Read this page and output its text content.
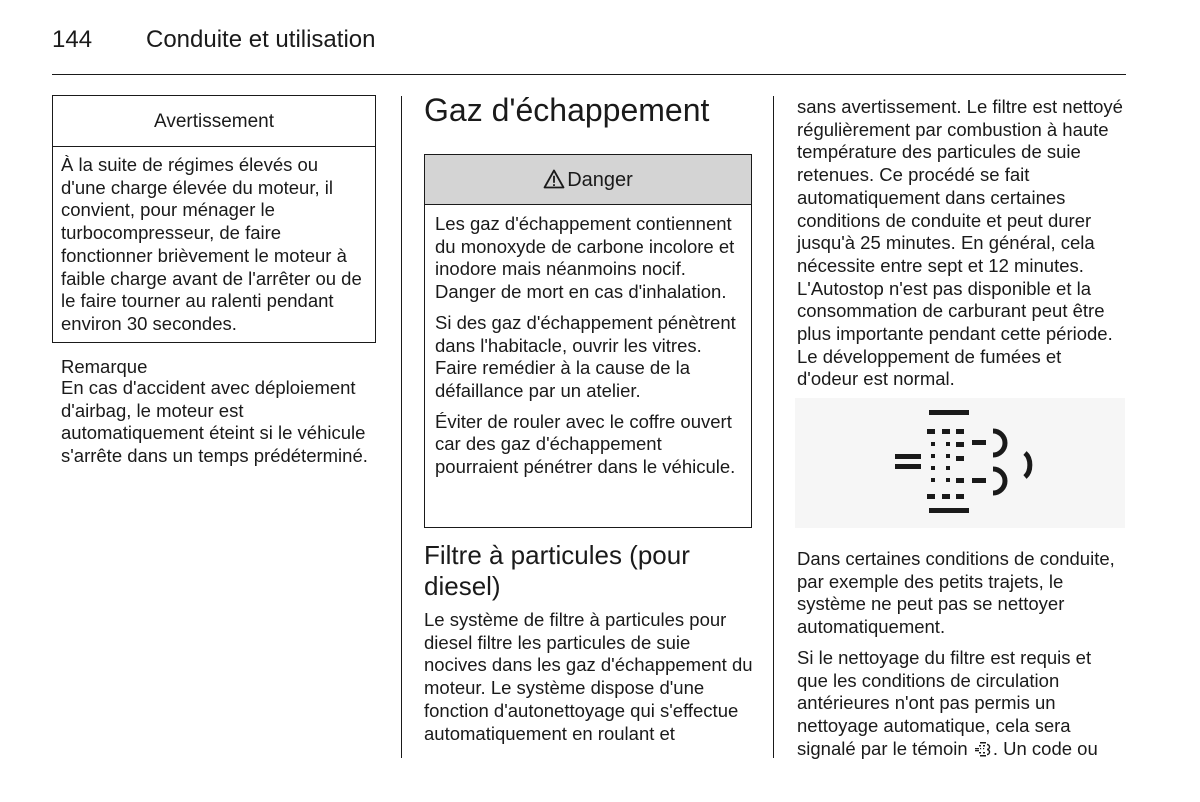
144 Conduite et utilisation
Avertissement
À la suite de régimes élevés ou d'une charge élevée du moteur, il convient, pour ménager le turbocompresseur, de faire fonctionner brièvement le moteur à faible charge avant de l'arrêter ou de le faire tourner au ralenti pendant environ 30 secondes.
Remarque
En cas d'accident avec déploiement d'airbag, le moteur est automatiquement éteint si le véhicule s'arrête dans un temps prédéterminé.
Gaz d'échappement
Danger

Les gaz d'échappement contiennent du monoxyde de carbone incolore et inodore mais néanmoins nocif. Danger de mort en cas d'inhalation.

Si des gaz d'échappement pénètrent dans l'habitacle, ouvrir les vitres. Faire remédier à la cause de la défaillance par un atelier.

Éviter de rouler avec le coffre ouvert car des gaz d'échappement pourraient pénétrer dans le véhicule.

Filtre à particules (pour diesel)
Le système de filtre à particules pour diesel filtre les particules de suie nocives dans les gaz d'échappement du moteur. Le système dispose d'une fonction d'autonettoyage qui s'effectue automatiquement en roulant et
sans avertissement. Le filtre est nettoyé régulièrement par combustion à haute température des particules de suie retenues. Ce procédé se fait automatiquement dans certaines conditions de conduite et peut durer jusqu'à 25 minutes. En général, cela nécessite entre sept et 12 minutes. L'Autostop n'est pas disponible et la consommation de carburant peut être plus importante pendant cette période. Le développement de fumées et d'odeur est normal.

Dans certaines conditions de conduite, par exemple des petits trajets, le système ne peut pas se nettoyer automatiquement.

Si le nettoyage du filtre est requis et que les conditions de circulation antérieures n'ont pas permis un nettoyage automatique, cela sera signalé par le témoin . Un code ou
